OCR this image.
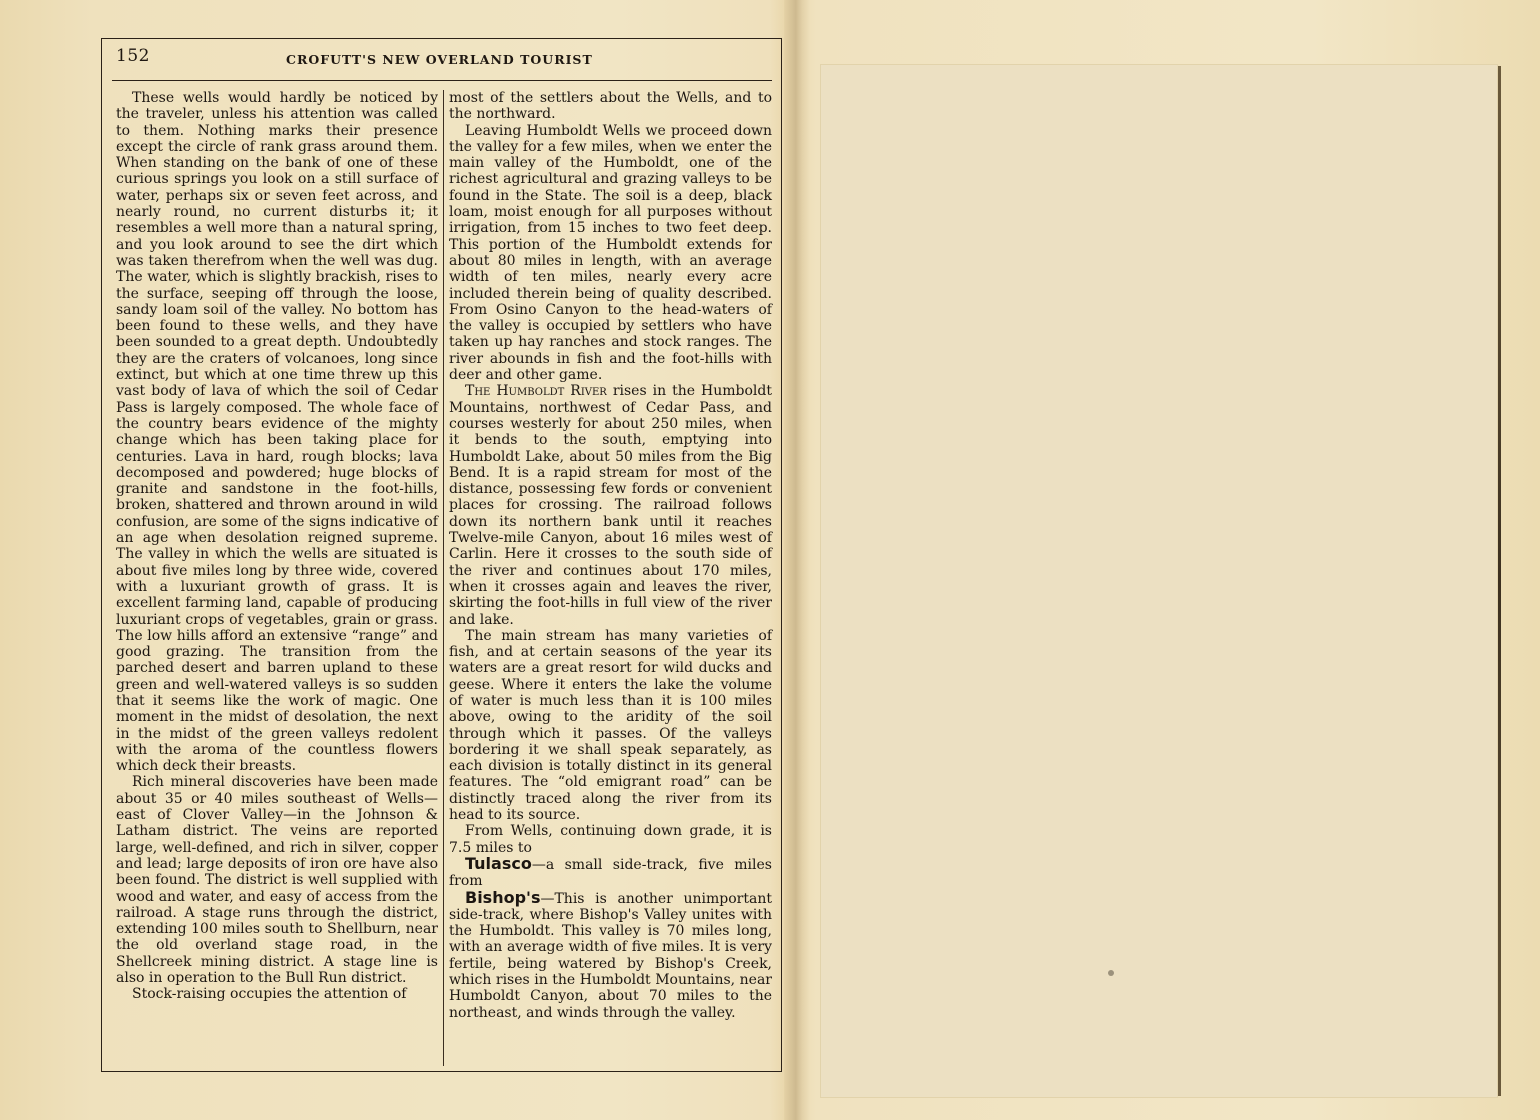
152	CROFUTT'S NEW OVERLAND TOURIST

These wells would hardly be noticed by the traveler, unless his attention was called to them. Nothing marks their presence except the circle of rank grass around them. When standing on the bank of one of these curious springs you look on a still surface of water, perhaps six or seven feet across, and nearly round, no current disturbs it; it resembles a well more than a natural spring, and you look around to see the dirt which was taken therefrom when the well was dug. The water, which is slightly brackish, rises to the surface, seeping off through the loose, sandy loam soil of the valley. No bottom has been found to these wells, and they have been sounded to a great depth. Undoubtedly they are the craters of volcanoes, long since extinct, but which at one time threw up this vast body of lava of which the soil of Cedar Pass is largely composed. The whole face of the country bears evidence of the mighty change which has been taking place for centuries. Lava in hard, rough blocks; lava decomposed and powdered; huge blocks of granite and sandstone in the foot-hills, broken, shattered and thrown around in wild confusion, are some of the signs indicative of an age when desolation reigned supreme. The valley in which the wells are situated is about five miles long by three wide, covered with a luxuriant growth of grass. It is excellent farming land, capable of producing luxuriant crops of vegetables, grain or grass. The low hills afford an extensive “range” and good grazing. The transition from the parched desert and barren upland to these green and well-watered valleys is so sudden that it seems like the work of magic. One moment in the midst of desolation, the next in the midst of the green valleys redolent with the aroma of the countless flowers which deck their breasts.

Rich mineral discoveries have been made about 35 or 40 miles southeast of Wells—east of Clover Valley—in the Johnson & Latham district. The veins are reported large, well-defined, and rich in silver, copper and lead; large deposits of iron ore have also been found. The district is well supplied with wood and water, and easy of access from the railroad. A stage runs through the district, extending 100 miles south to Shellburn, near the old overland stage road, in the Shellcreek mining district. A stage line is also in operation to the Bull Run district.

Stock-raising occupies the attention of

most of the settlers about the Wells, and to the northward.

Leaving Humboldt Wells we proceed down the valley for a few miles, when we enter the main valley of the Humboldt, one of the richest agricultural and grazing valleys to be found in the State. The soil is a deep, black loam, moist enough for all purposes without irrigation, from 15 inches to two feet deep. This portion of the Humboldt extends for about 80 miles in length, with an average width of ten miles, nearly every acre included therein being of quality described. From Osino Canyon to the head-waters of the valley is occupied by settlers who have taken up hay ranches and stock ranges. The river abounds in fish and the foot-hills with deer and other game.

The Humboldt River rises in the Humboldt Mountains, northwest of Cedar Pass, and courses westerly for about 250 miles, when it bends to the south, emptying into Humboldt Lake, about 50 miles from the Big Bend. It is a rapid stream for most of the distance, possessing few fords or convenient places for crossing. The railroad follows down its northern bank until it reaches Twelve-mile Canyon, about 16 miles west of Carlin. Here it crosses to the south side of the river and continues about 170 miles, when it crosses again and leaves the river, skirting the foot-hills in full view of the river and lake.

The main stream has many varieties of fish, and at certain seasons of the year its waters are a great resort for wild ducks and geese. Where it enters the lake the volume of water is much less than it is 100 miles above, owing to the aridity of the soil through which it passes. Of the valleys bordering it we shall speak separately, as each division is totally distinct in its general features. The “old emigrant road” can be distinctly traced along the river from its head to its source.

From Wells, continuing down grade, it is 7.5 miles to

Tulasco—a small side-track, five miles from

Bishop's—This is another unimportant side-track, where Bishop's Valley unites with the Humboldt. This valley is 70 miles long, with an average width of five miles. It is very fertile, being watered by Bishop's Creek, which rises in the Humboldt Mountains, near Humboldt Canyon, about 70 miles to the northeast, and winds through the valley.
